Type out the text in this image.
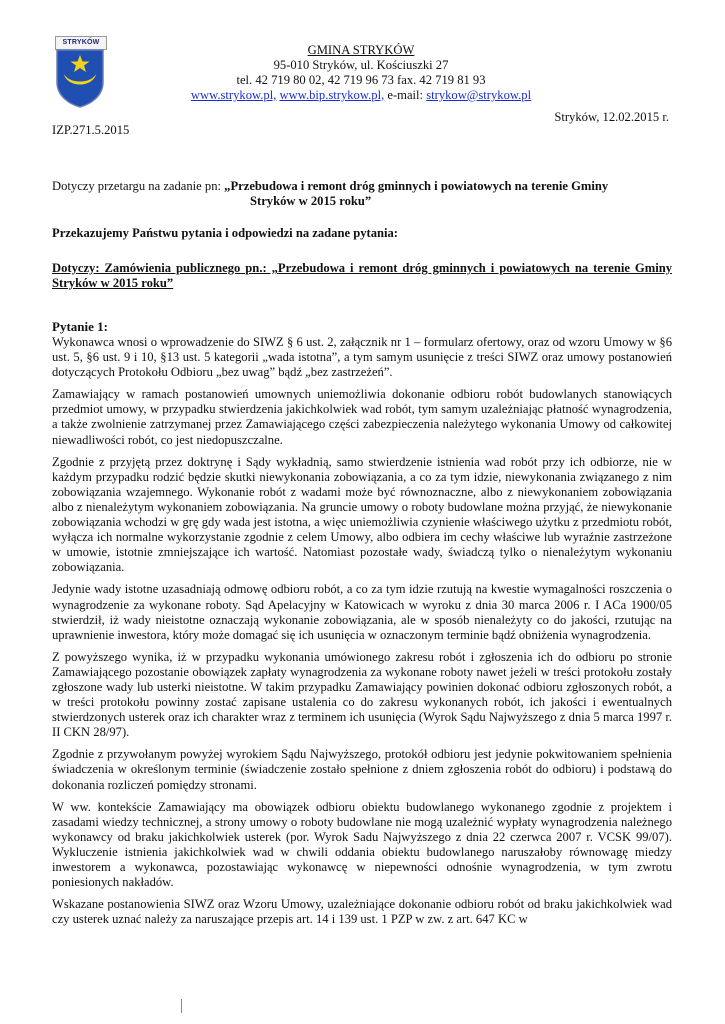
STRYKÓW
GMINA STRYKÓW
95-010 Stryków, ul. Kościuszki 27
tel. 42 719 80 02, 42 719 96 73 fax. 42 719 81 93
www.strykow.pl, www.bip.strykow.pl, e-mail: strykow@strykow.pl
Stryków, 12.02.2015 r.
IZP.271.5.2015
Dotyczy przetargu na zadanie pn: „Przebudowa i remont dróg gminnych i powiatowych na terenie Gminy
Stryków w 2015 roku”
Przekazujemy Państwu pytania i odpowiedzi na zadane pytania:
Dotyczy: Zamówienia publicznego pn.: „Przebudowa i remont dróg gminnych i powiatowych na terenie Gminy Stryków w 2015 roku”
Pytanie 1:

Wykonawca wnosi o wprowadzenie do SIWZ § 6 ust. 2, załącznik nr 1 – formularz ofertowy, oraz od wzoru Umowy w §6 ust. 5, §6 ust. 9 i 10, §13 ust. 5 kategorii „wada istotna”, a tym samym usunięcie z treści SIWZ oraz umowy postanowień dotyczących Protokołu Odbioru „bez uwag” bądź „bez zastrzeżeń”.

Zamawiający w ramach postanowień umownych uniemożliwia dokonanie odbioru robót budowlanych stanowiących przedmiot umowy, w przypadku stwierdzenia jakichkolwiek wad robót, tym samym uzależniając płatność wynagrodzenia, a także zwolnienie zatrzymanej przez Zamawiającego części zabezpieczenia należytego wykonania Umowy od całkowitej niewadliwości robót, co jest niedopuszczalne.

Zgodnie z przyjętą przez doktrynę i Sądy wykładnią, samo stwierdzenie istnienia wad robót przy ich odbiorze, nie w każdym przypadku rodzić będzie skutki niewykonania zobowiązania, a co za tym idzie, niewykonania związanego z nim zobowiązania wzajemnego. Wykonanie robót z wadami może być równoznaczne, albo z niewykonaniem zobowiązania albo z nienależytym wykonaniem zobowiązania. Na gruncie umowy o roboty budowlane można przyjąć, że niewykonanie zobowiązania wchodzi w grę gdy wada jest istotna, a więc uniemożliwia czynienie właściwego użytku z przedmiotu robót, wyłącza ich normalne wykorzystanie zgodnie z celem Umowy, albo odbiera im cechy właściwe lub wyraźnie zastrzeżone w umowie, istotnie zmniejszające ich wartość. Natomiast pozostałe wady, świadczą tylko o nienależytym wykonaniu zobowiązania.

Jedynie wady istotne uzasadniają odmowę odbioru robót, a co za tym idzie rzutują na kwestie wymagalności roszczenia o wynagrodzenie za wykonane roboty. Sąd Apelacyjny w Katowicach w wyroku z dnia 30 marca 2006 r. I ACa 1900/05 stwierdził, iż wady nieistotne oznaczają wykonanie zobowiązania, ale w sposób nienależyty co do jakości, rzutując na uprawnienie inwestora, który może domagać się ich usunięcia w oznaczonym terminie bądź obniżenia wynagrodzenia.

Z powyższego wynika, iż w przypadku wykonania umówionego zakresu robót i zgłoszenia ich do odbioru po stronie Zamawiającego pozostanie obowiązek zapłaty wynagrodzenia za wykonane roboty nawet jeżeli w treści protokołu zostały zgłoszone wady lub usterki nieistotne. W takim przypadku Zamawiający powinien dokonać odbioru zgłoszonych robót, a w treści protokołu powinny zostać zapisane ustalenia co do zakresu wykonanych robót, ich jakości i ewentualnych stwierdzonych usterek oraz ich charakter wraz z terminem ich usunięcia (Wyrok Sądu Najwyższego z dnia 5 marca 1997 r. II CKN 28/97).

Zgodnie z przywołanym powyżej wyrokiem Sądu Najwyższego, protokół odbioru jest jedynie pokwitowaniem spełnienia świadczenia w określonym terminie (świadczenie zostało spełnione z dniem zgłoszenia robót do odbioru) i podstawą do dokonania rozliczeń pomiędzy stronami.

W ww. kontekście Zamawiający ma obowiązek odbioru obiektu budowlanego wykonanego zgodnie z projektem i zasadami wiedzy technicznej, a strony umowy o roboty budowlane nie mogą uzależnić wypłaty wynagrodzenia należnego wykonawcy od braku jakichkolwiek usterek (por. Wyrok Sadu Najwyższego z dnia 22 czerwca 2007 r. VCSK 99/07). Wykluczenie istnienia jakichkolwiek wad w chwili oddania obiektu budowlanego naruszałoby równowagę miedzy inwestorem a wykonawca, pozostawiając wykonawcę w niepewności odnośnie wynagrodzenia, w tym zwrotu poniesionych nakładów.

Wskazane postanowienia SIWZ oraz Wzoru Umowy, uzależniające dokonanie odbioru robót od braku jakichkolwiek wad czy usterek uznać należy za naruszające przepis art. 14 i 139 ust. 1 PZP w zw. z art. 647 KC w
